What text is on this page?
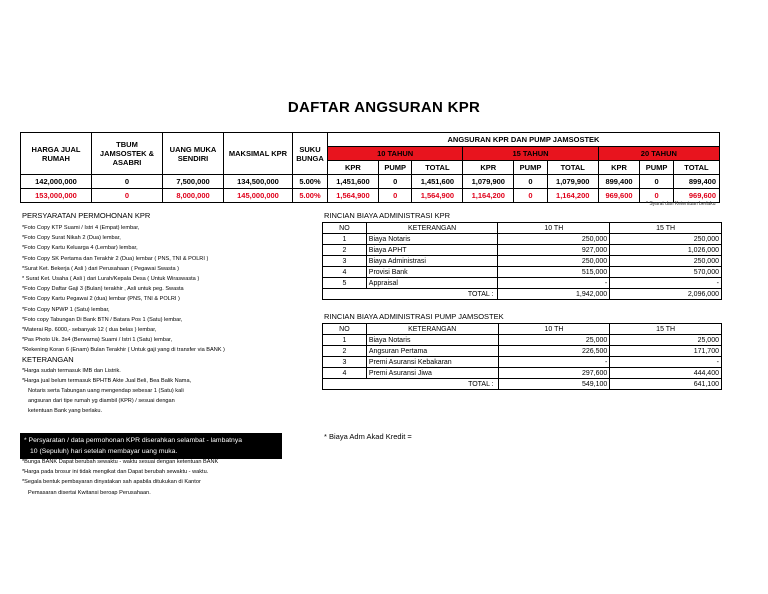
DAFTAR ANGSURAN KPR
HARGA JUAL RUMAH	TBUM JAMSOSTEK & ASABRI	UANG MUKA SENDIRI	MAKSIMAL KPR	SUKU BUNGA	ANGSURAN KPR DAN PUMP JAMSOSTEK								
					10 TAHUN			15 TAHUN			20 TAHUN		
					KPR	PUMP	TOTAL	KPR	PUMP	TOTAL	KPR	PUMP	TOTAL
142,000,000	0	7,500,000	134,500,000	5.00%	1,451,600	0	1,451,600	1,079,900	0	1,079,900	899,400	0	899,400
153,000,000	0	8,000,000	145,000,000	5.00%	1,564,900	0	1,564,900	1,164,200	0	1,164,200	969,600	0	969,600
* Syarat dan Ketentuan berlaku
PERSYARATAN PERMOHONAN KPR
*Foto Copy KTP Suami / Istri 4 (Empat) lembar,
*Foto Copy Surat Nikah 2 (Dua) lembar,
*Foto Copy Kartu Keluarga 4 (Lembar) lembar,
*Foto Copy SK Pertama dan Terakhir 2 (Dua) lembar ( PNS, TNI & POLRI )
*Surat Ket. Bekerja ( Asli ) dari Perusahaan ( Pegawai Swasta )
* Surat Ket. Usaha ( Asli ) dari Lurah/Kepala Desa ( Untuk Wiraswasta )
*Foto Copy Daftar Gaji 3 (Bulan) terakhir , Asli untuk peg. Swasta
*Foto Copy Kartu Pegawai 2 (dua) lembar (PNS, TNI & POLRI )
*Foto Copy NPWP 1 (Satu) lembar,
*Foto copy Tabungan Di Bank BTN / Batara Pos 1 (Satu) lembar,
*Materai Rp. 6000,- sebanyak 12 ( dua belas ) lembar,
*Pas Photo Uk. 3x4 (Berwarna) Suami / Istri 1 (Satu) lembar,
*Rekening Koran 6 (Enam) Bulan Terakhir ( Untuk gaji yang di transfer via BANK )
KETERANGAN
*Harga sudah termasuk IMB dan Listrik.
*Harga jual belum termasuk BPHTB Akte Jual Beli, Bea Balik Nama,
Notaris serta Tabungan uang mengendap sebesar 1 (Satu) kali
angsuran dari tipe rumah yg diambil (KPR) / sesuai dengan
ketentuan Bank yang berlaku.
* Persyaratan / data permohonan KPR diserahkan selambat - lambatnya
10 (Sepuluh) hari setelah membayar uang muka.
*Bunga BANK Dapat berubah sewaktu - waktu sesuai dengan ketentuan BANK
*Harga pada brosur ini tidak mengikat dan Dapat berubah sewaktu - waktu.
*Segala bentuk pembayaran dinyatakan sah apabila ditukukan di Kantor
Pemasaran disertai Kwitansi beroap Perusahaan.
RINCIAN BIAYA ADMINISTRASI KPR
NO	KETERANGAN	10 TH	15 TH
1	Biaya Notaris	250,000	250,000
2	Biaya APHT	927,000	1,026,000
3	Biaya Administrasi	250,000	250,000
4	Provisi Bank	515,000	570,000
5	Appraisal	-	-
TOTAL :		1,942,000	2,096,000
RINCIAN BIAYA ADMINISTRASI PUMP JAMSOSTEK
NO	KETERANGAN	10 TH	15 TH
1	Biaya Notaris	25,000	25,000
2	Angsuran Pertama	226,500	171,700
3	Premi Asuransi Kebakaran	-	-
4	Premi Asuransi Jiwa	297,600	444,400
TOTAL :		549,100	641,100
* Biaya Adm Akad Kredit =
